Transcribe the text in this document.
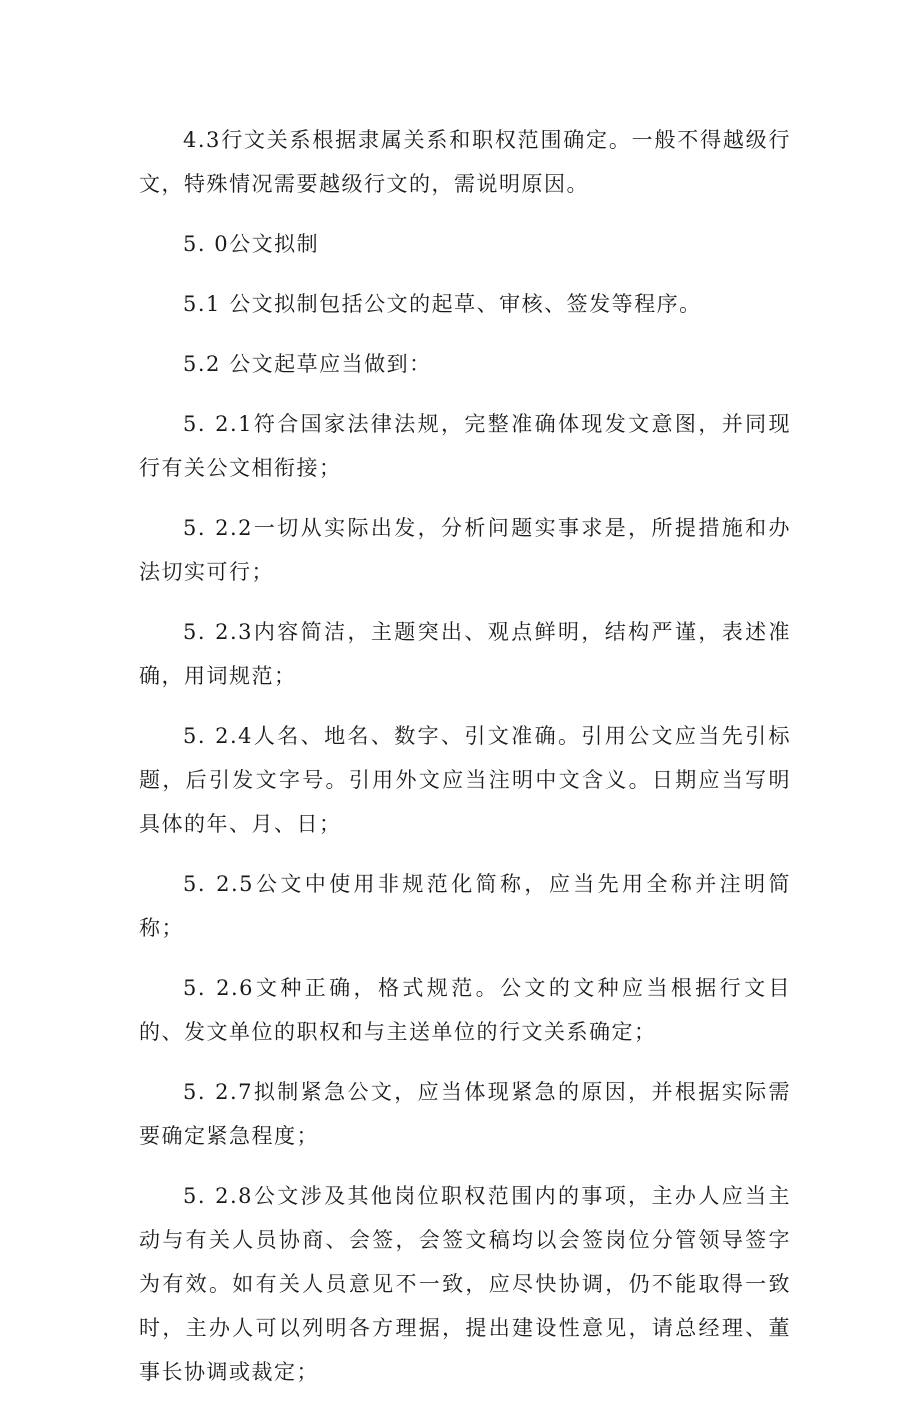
4.3行文关系根据隶属关系和职权范围确定。一般不得越级行文，特殊情况需要越级行文的，需说明原因。

5. 0公文拟制

5.1 公文拟制包括公文的起草、审核、签发等程序。

5.2 公文起草应当做到：

5. 2.1符合国家法律法规，完整准确体现发文意图，并同现行有关公文相衔接；

5. 2.2一切从实际出发，分析问题实事求是，所提措施和办法切实可行；

5. 2.3内容简洁，主题突出、观点鲜明，结构严谨，表述准确，用词规范；

5. 2.4人名、地名、数字、引文准确。引用公文应当先引标题，后引发文字号。引用外文应当注明中文含义。日期应当写明具体的年、月、日；

5. 2.5公文中使用非规范化简称，应当先用全称并注明简称；

5. 2.6文种正确，格式规范。公文的文种应当根据行文目的、发文单位的职权和与主送单位的行文关系确定；

5. 2.7拟制紧急公文，应当体现紧急的原因，并根据实际需要确定紧急程度；

5. 2.8公文涉及其他岗位职权范围内的事项，主办人应当主动与有关人员协商、会签，会签文稿均以会签岗位分管领导签字为有效。如有关人员意见不一致，应尽快协调，仍不能取得一致时，主办人可以列明各方理据，提出建设性意见，请总经理、董事长协调或裁定；
